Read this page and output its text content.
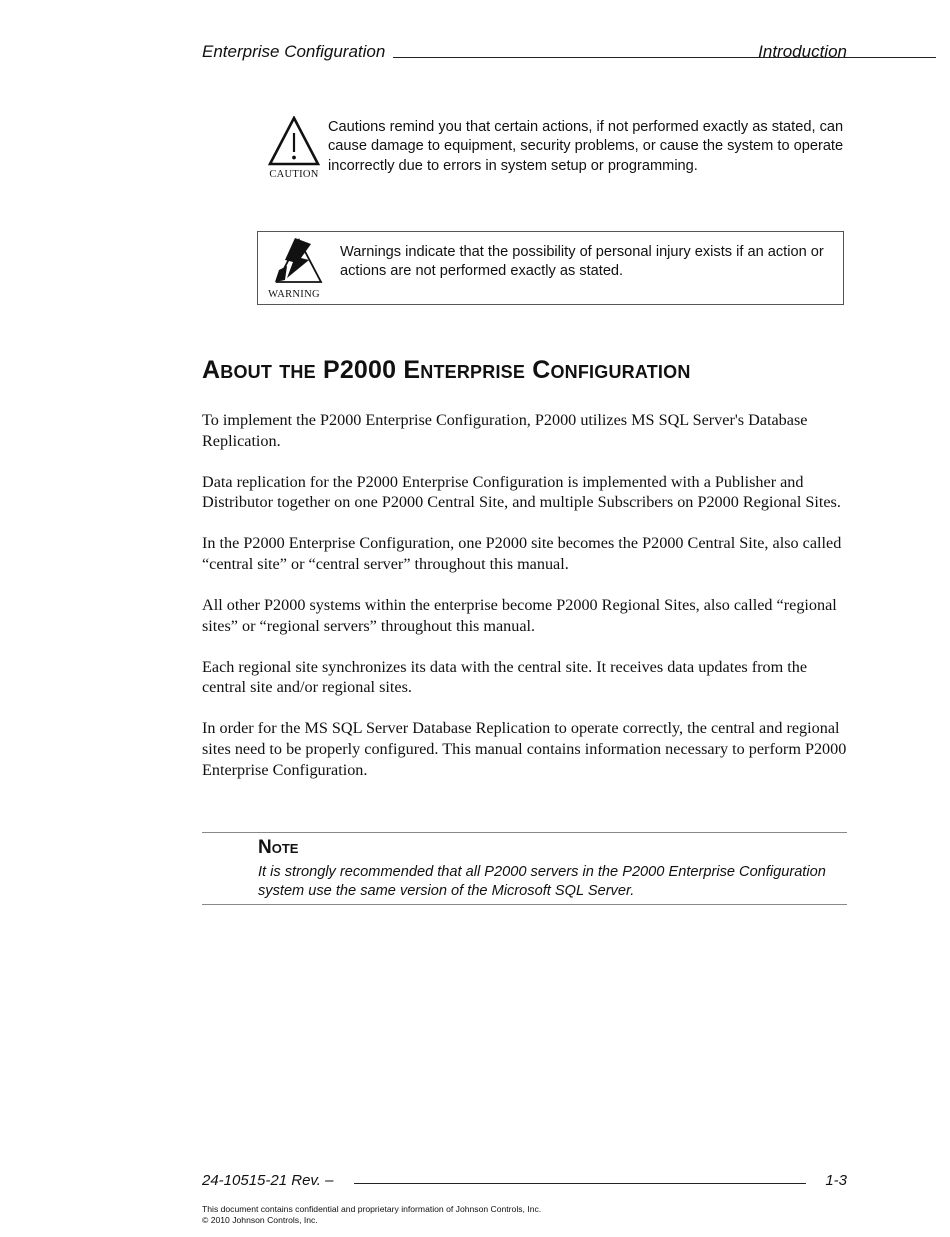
Enterprise Configuration	Introduction
CAUTION
Cautions remind you that certain actions, if not performed exactly as stated, can cause damage to equipment, security problems, or cause the system to operate incorrectly due to errors in system setup or programming.
WARNING
Warnings indicate that the possibility of personal injury exists if an action or actions are not performed exactly as stated.
About the P2000 Enterprise Configuration

To implement the P2000 Enterprise Configuration, P2000 utilizes MS SQL Server's Database Replication.

Data replication for the P2000 Enterprise Configuration is implemented with a Publisher and Distributor together on one P2000 Central Site, and multiple Subscribers on P2000 Regional Sites.

In the P2000 Enterprise Configuration, one P2000 site becomes the P2000 Central Site, also called “central site” or “central server” throughout this manual.

All other P2000 systems within the enterprise become P2000 Regional Sites, also called “regional sites” or “regional servers” throughout this manual.

Each regional site synchronizes its data with the central site. It receives data updates from the central site and/or regional sites.

In order for the MS SQL Server Database Replication to operate correctly, the central and regional sites need to be properly configured. This manual contains information necessary to perform P2000 Enterprise Configuration.

Note
It is strongly recommended that all P2000 servers in the P2000 Enterprise Configuration system use the same version of the Microsoft SQL Server.
24-10515-21 Rev. –	1-3
This document contains confidential and proprietary information of Johnson Controls, Inc.
© 2010 Johnson Controls, Inc.
